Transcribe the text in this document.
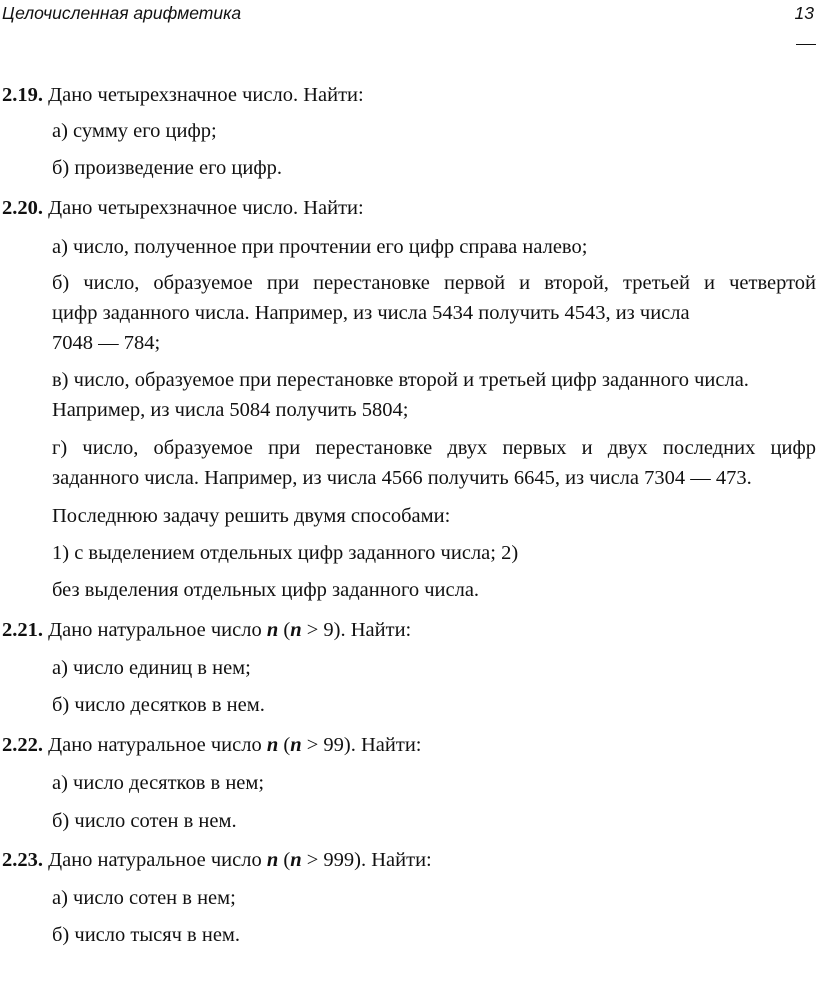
Целочисленная арифметика	13
2.19. Дано четырехзначное число. Найти:
а) сумму его цифр;
б) произведение его цифр.
2.20. Дано четырехзначное число. Найти:
а) число, полученное при прочтении его цифр справа налево;
б) число, образуемое при перестановке первой и второй, третьей и четвертой
цифр заданного числа. Например, из числа 5434 получить 4543, из числа
7048 — 784;
в) число, образуемое при перестановке второй и третьей цифр заданного числа.
Например, из числа 5084 получить 5804;
г) число, образуемое при перестановке двух первых и двух последних цифр
заданного числа. Например, из числа 4566 получить 6645, из числа 7304 — 473.
Последнюю задачу решить двумя способами:
1) с выделением отдельных цифр заданного числа; 2)
без выделения отдельных цифр заданного числа.
2.21. Дано натуральное число n (n > 9). Найти:
а) число единиц в нем;
б) число десятков в нем.
2.22. Дано натуральное число n (n > 99). Найти:
а) число десятков в нем;
б) число сотен в нем.
2.23. Дано натуральное число n (n > 999). Найти:
а) число сотен в нем;
б) число тысяч в нем.
